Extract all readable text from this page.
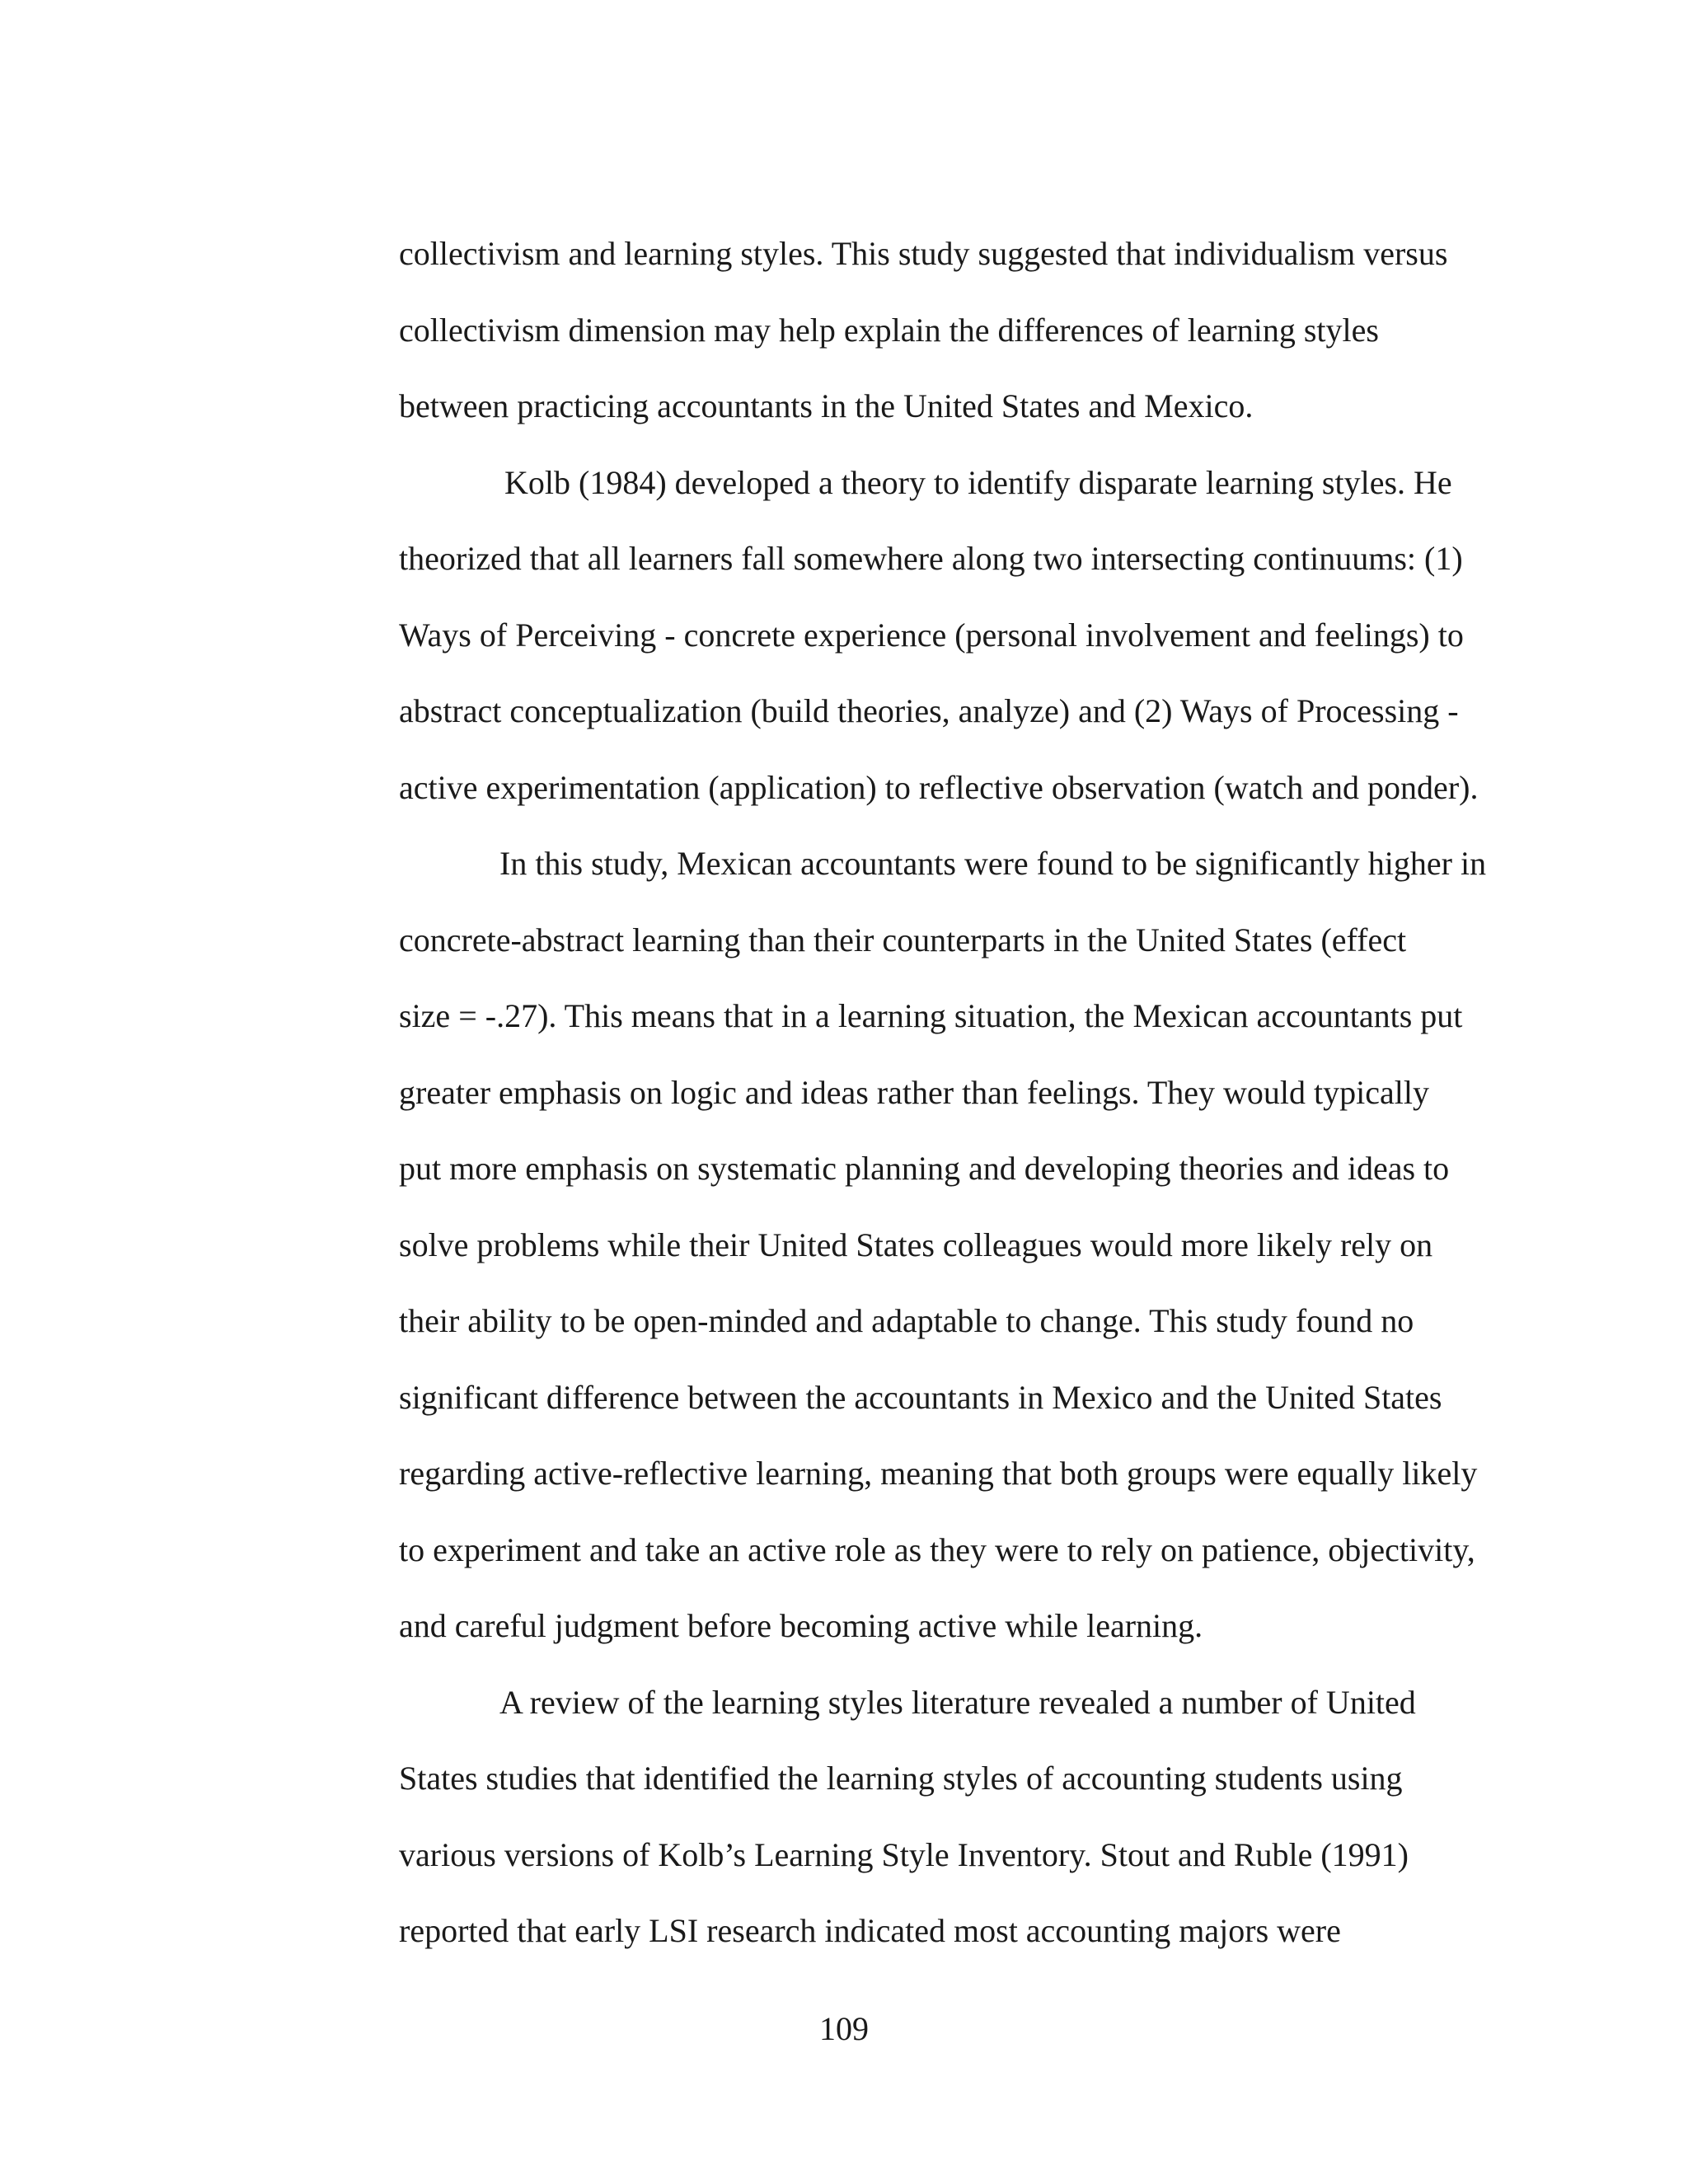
collectivism and learning styles. This study suggested that individualism versus
collectivism dimension may help explain the differences of learning styles
between practicing accountants in the United States and Mexico.
Kolb (1984) developed a theory to identify disparate learning styles. He
theorized that all learners fall somewhere along two intersecting continuums: (1)
Ways of Perceiving - concrete experience (personal involvement and feelings) to
abstract conceptualization (build theories, analyze) and (2) Ways of Processing -
active experimentation (application) to reflective observation (watch and ponder).
In this study, Mexican accountants were found to be significantly higher in
concrete-abstract learning than their counterparts in the United States (effect
size = -.27). This means that in a learning situation, the Mexican accountants put
greater emphasis on logic and ideas rather than feelings. They would typically
put more emphasis on systematic planning and developing theories and ideas to
solve problems while their United States colleagues would more likely rely on
their ability to be open-minded and adaptable to change. This study found no
significant difference between the accountants in Mexico and the United States
regarding active-reflective learning, meaning that both groups were equally likely
to experiment and take an active role as they were to rely on patience, objectivity,
and careful judgment before becoming active while learning.
A review of the learning styles literature revealed a number of United
States studies that identified the learning styles of accounting students using
various versions of Kolb’s Learning Style Inventory. Stout and Ruble (1991)
reported that early LSI research indicated most accounting majors were
109
